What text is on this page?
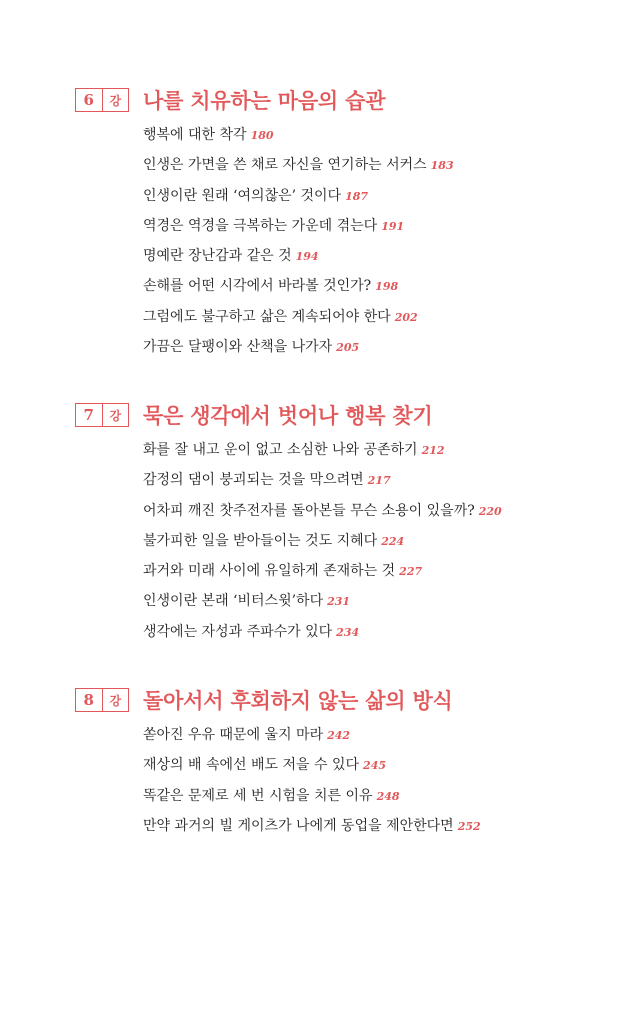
6	강	나를 치유하는 마음의 습관
행복에 대한 착각 180
인생은 가면을 쓴 채로 자신을 연기하는 서커스 183
인생이란 원래 ‘여의찮은’ 것이다 187
역경은 역경을 극복하는 가운데 겪는다 191
명예란 장난감과 같은 것 194
손해를 어떤 시각에서 바라볼 것인가? 198
그럼에도 불구하고 삶은 계속되어야 한다 202
가끔은 달팽이와 산책을 나가자 205
7	강	묵은 생각에서 벗어나 행복 찾기
화를 잘 내고 운이 없고 소심한 나와 공존하기 212
감정의 댐이 붕괴되는 것을 막으려면 217
어차피 깨진 찻주전자를 돌아본들 무슨 소용이 있을까? 220
불가피한 일을 받아들이는 것도 지혜다 224
과거와 미래 사이에 유일하게 존재하는 것 227
인생이란 본래 ‘비터스윗’하다 231
생각에는 자성과 주파수가 있다 234
8	강	돌아서서 후회하지 않는 삶의 방식
쏟아진 우유 때문에 울지 마라 242
재상의 배 속에선 배도 저을 수 있다 245
똑같은 문제로 세 번 시험을 치른 이유 248
만약 과거의 빌 게이츠가 나에게 동업을 제안한다면 252
